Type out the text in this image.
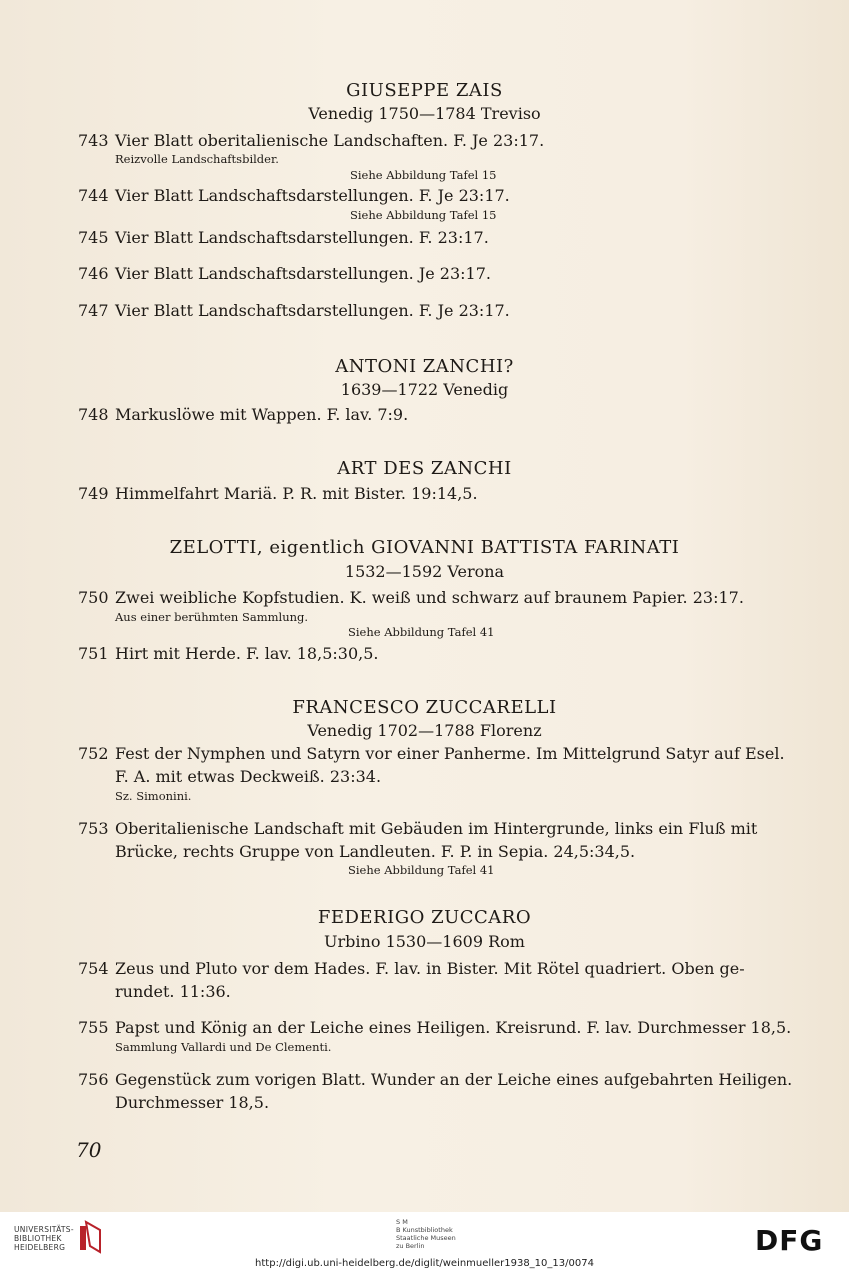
GIUSEPPE ZAIS
Venedig 1750—1784 Treviso
743 Vier Blatt oberitalienische Landschaften. F. Je 23:17.
Reizvolle Landschaftsbilder.
Siehe Abbildung Tafel 15
744 Vier Blatt Landschaftsdarstellungen. F. Je 23:17.
Siehe Abbildung Tafel 15
745 Vier Blatt Landschaftsdarstellungen. F. 23:17.
746 Vier Blatt Landschaftsdarstellungen. Je 23:17.
747 Vier Blatt Landschaftsdarstellungen. F. Je 23:17.
ANTONI ZANCHI?
1639—1722 Venedig
748 Markuslöwe mit Wappen. F. lav. 7:9.
ART DES ZANCHI
749 Himmelfahrt Mariä. P. R. mit Bister. 19:14,5.
ZELOTTI, eigentlich GIOVANNI BATTISTA FARINATI
1532—1592 Verona
750 Zwei weibliche Kopfstudien. K. weiß und schwarz auf braunem Papier. 23:17.
Aus einer berühmten Sammlung.
Siehe Abbildung Tafel 41
751 Hirt mit Herde. F. lav. 18,5:30,5.
FRANCESCO ZUCCARELLI
Venedig 1702—1788 Florenz
752 Fest der Nymphen und Satyrn vor einer Panherme. Im Mittelgrund Satyr auf Esel.
F. A. mit etwas Deckweiß. 23:34.
Sz. Simonini.
753 Oberitalienische Landschaft mit Gebäuden im Hintergrunde, links ein Fluß mit
Brücke, rechts Gruppe von Landleuten. F. P. in Sepia. 24,5:34,5.
Siehe Abbildung Tafel 41
FEDERIGO ZUCCARO
Urbino 1530—1609 Rom
754 Zeus und Pluto vor dem Hades. F. lav. in Bister. Mit Rötel quadriert. Oben ge-
rundet. 11:36.
755 Papst und König an der Leiche eines Heiligen. Kreisrund. F. lav. Durchmesser 18,5.
Sammlung Vallardi und De Clementi.
756 Gegenstück zum vorigen Blatt. Wunder an der Leiche eines aufgebahrten Heiligen.
Durchmesser 18,5.
70
UNIVERSITÄTS-
BIBLIOTHEK
HEIDELBERG
S M
B Kunstbibliothek
Staatliche Museen
zu Berlin	DFG
http://digi.ub.uni-heidelberg.de/diglit/weinmueller1938_10_13/0074
